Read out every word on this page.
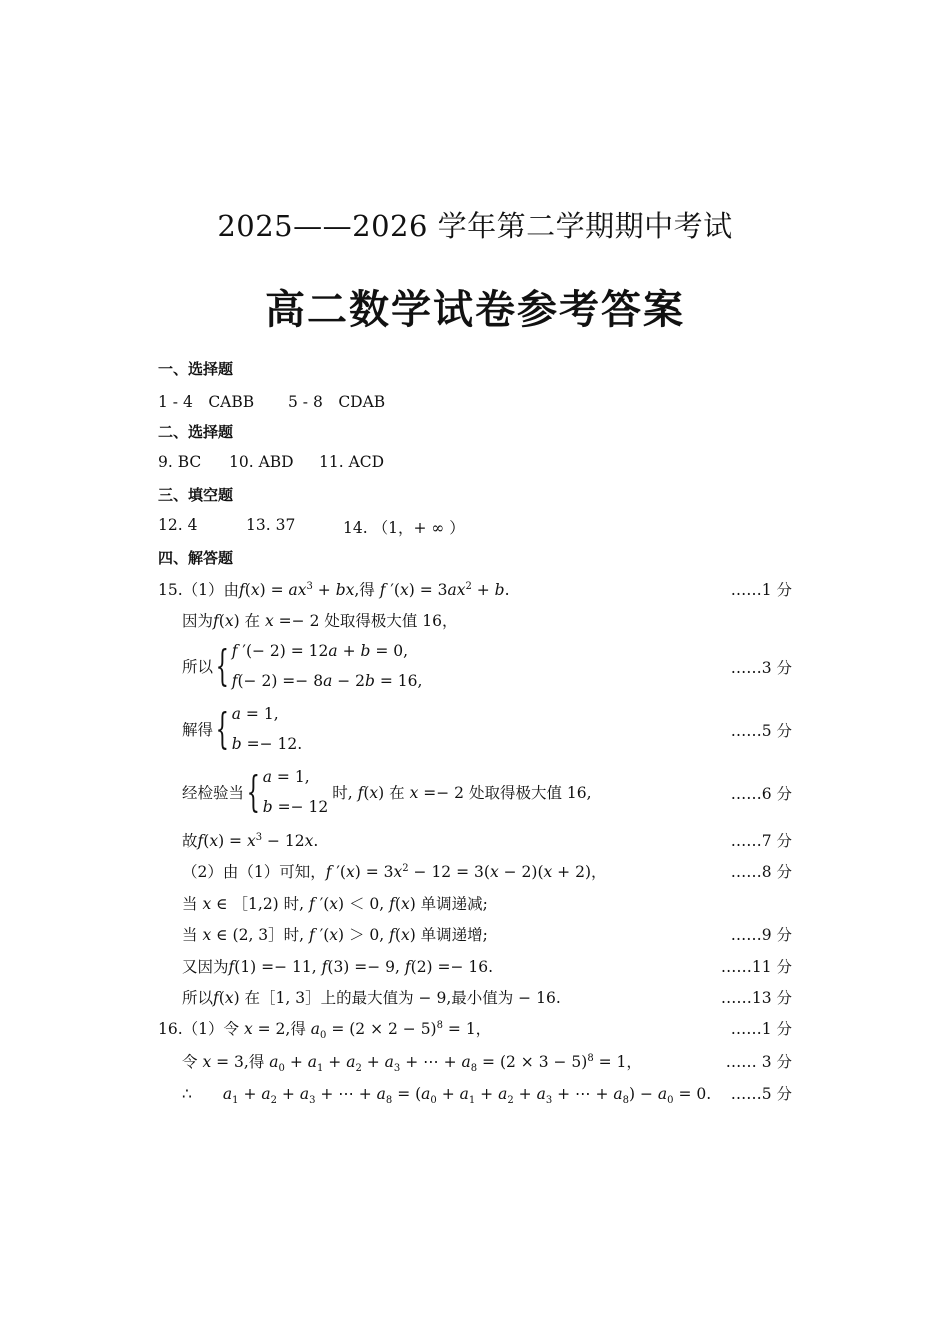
2025——2026 学年第二学期期中考试
高二数学试卷参考答案
一、选择题
1 - 4　CABB 5 - 8　CDAB
二、选择题
9. BC 10. ABD 11. ACD
三、填空题
12. 4	13. 37	14. （1，+ ∞ ）
四、解答题
15.（1）由$f(x) = ax^3$ + bx,得 f $'(x) = 3ax^2 + b$.	……1 分
因为f(x) 在 x =− 2 处取得极大值 16，
所以 { f ′(− 2) = 12a + b = 0,
f(− 2) =− 8a − 2b = 16,
……3 分
解得 { a = 1,
b =− 12.
……5 分
经检验当 { a = 1,
b =− 12
时, f(x) 在 x =− 2 处取得极大值 16,	……6 分
故$f(x) = x^3 - 12x$.	……7 分
（2）由（1）可知，f $'(x) = 3x^2 - 12 = 3(x - 2)(x + 2)$，	……8 分
当 x ∈ ［1,2) 时, f ′(x) ＜ 0, f(x) 单调递减;
当 x ∈ (2, 3］时, f ′(x) ＞ 0, f(x) 单调递增;	……9 分
又因为f(1) =− 11, f(3) =− 9, f(2) =− 16.	……11 分
所以f(x) 在［1, 3］上的最大值为 − 9,最小值为 − 16.	……13 分
16.（1）令 x = 2,得 $a_0 = (2 \times 2 - 5)^8 = 1$，	……1 分
令 x = 3,得 $a_0 + a_1 + a_2 + a_3$ + ⋯ + $a_8 = (2 \times 3 - 5)^8 = 1$，	…… 3 分
∴　　 $a_1 + a_2 + a_3$ + ⋯ + $a_8 = (a_0 + a_1 + a_2 + a_3$ + ⋯ + $a_8) - a_0 = 0$. ……5 分
